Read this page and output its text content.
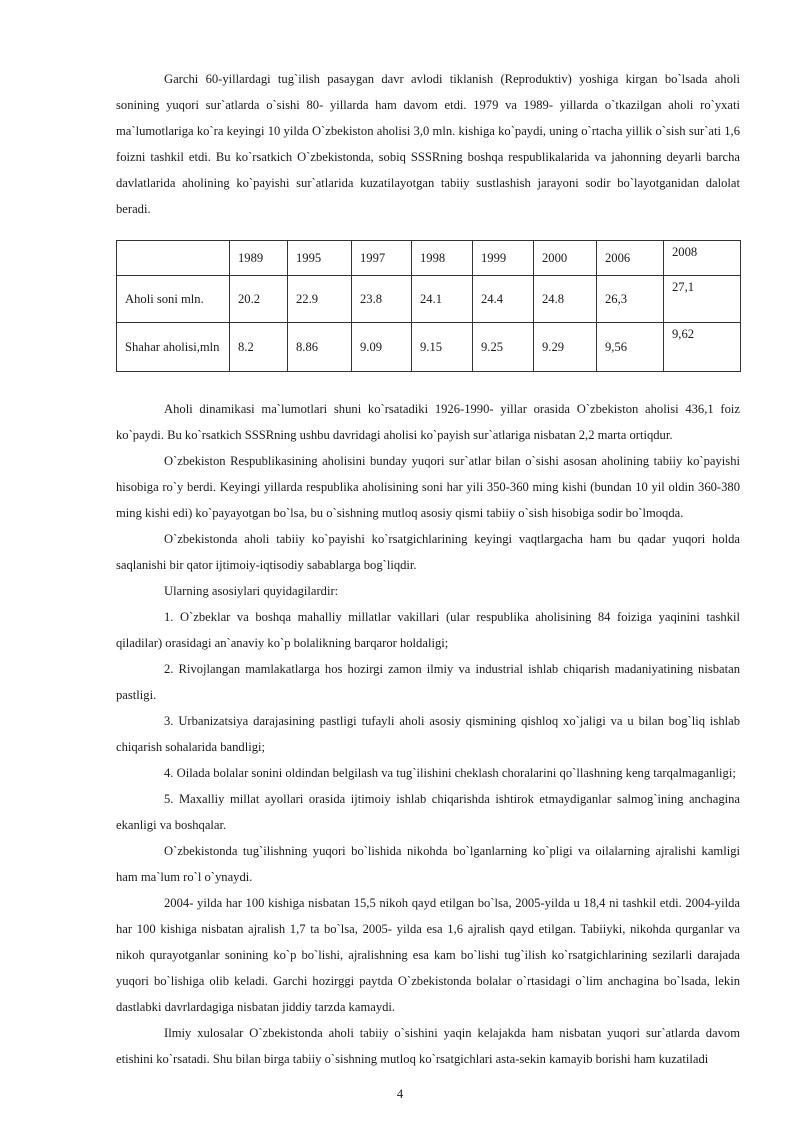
Garchi 60-yillardagi tug`ilish pasaygan davr avlodi tiklanish (Reproduktiv) yoshiga kirgan bo`lsada aholi sonining yuqori sur`atlarda o`sishi 80- yillarda ham davom etdi. 1979 va 1989- yillarda o`tkazilgan aholi ro`yxati ma`lumotlariga ko`ra keyingi 10 yilda O`zbekiston aholisi 3,0 mln. kishiga ko`paydi, uning o`rtacha yillik o`sish sur`ati 1,6 foizni tashkil etdi. Bu ko`rsatkich O`zbekistonda, sobiq SSSRning boshqa respublikalarida va jahonning deyarli barcha davlatlarida aholining ko`payishi sur`atlarida kuzatilayotgan tabiiy sustlashish jarayoni sodir bo`layotganidan dalolat beradi.

	1989	1995	1997	1998	1999	2000	2006	2008
Aholi soni mln.	20.2	22.9	23.8	24.1	24.4	24.8	26,3	27,1
Shahar aholisi,mln	8.2	8.86	9.09	9.15	9.25	9.29	9,56	9,62

Aholi dinamikasi ma`lumotlari shuni ko`rsatadiki 1926-1990- yillar orasida O`zbekiston aholisi 436,1 foiz ko`paydi. Bu ko`rsatkich SSSRning ushbu davridagi aholisi ko`payish sur`atlariga nisbatan 2,2 marta ortiqdur.

O`zbekiston Respublikasining aholisini bunday yuqori sur`atlar bilan o`sishi asosan aholining tabiiy ko`payishi hisobiga ro`y berdi. Keyingi yillarda respublika aholisining soni har yili 350-360 ming kishi (bundan 10 yil oldin 360-380 ming kishi edi) ko`payayotgan bo`lsa, bu o`sishning mutloq asosiy qismi tabiiy o`sish hisobiga sodir bo`lmoqda.

O`zbekistonda aholi tabiiy ko`payishi ko`rsatgichlarining keyingi vaqtlargacha ham bu qadar yuqori holda saqlanishi bir qator ijtimoiy-iqtisodiy sabablarga bog`liqdir.

Ularning asosiylari quyidagilardir:

1. O`zbeklar va boshqa mahalliy millatlar vakillari (ular respublika aholisining 84 foiziga yaqinini tashkil qiladilar) orasidagi an`anaviy ko`p bolalikning barqaror holdaligi;

2. Rivojlangan mamlakatlarga hos hozirgi zamon ilmiy va industrial ishlab chiqarish madaniyatining nisbatan pastligi.

3. Urbanizatsiya darajasining pastligi tufayli aholi asosiy qismining qishloq xo`jaligi va u bilan bog`liq ishlab chiqarish sohalarida bandligi;

4. Oilada bolalar sonini oldindan belgilash va tug`ilishini cheklash choralarini qo`llashning keng tarqalmaganligi;

5. Maxalliy millat ayollari orasida ijtimoiy ishlab chiqarishda ishtirok etmaydiganlar salmog`ining anchagina ekanligi va boshqalar.

O`zbekistonda tug`ilishning yuqori bo`lishida nikohda bo`lganlarning ko`pligi va oilalarning ajralishi kamligi ham ma`lum ro`l o`ynaydi.

2004- yilda har 100 kishiga nisbatan 15,5 nikoh qayd etilgan bo`lsa, 2005-yilda u 18,4 ni tashkil etdi. 2004-yilda har 100 kishiga nisbatan ajralish 1,7 ta bo`lsa, 2005- yilda esa 1,6 ajralish qayd etilgan. Tabiiyki, nikohda qurganlar va nikoh qurayotganlar sonining ko`p bo`lishi, ajralishning esa kam bo`lishi tug`ilish ko`rsatgichlarining sezilarli darajada yuqori bo`lishiga olib keladi. Garchi hozirggi paytda O`zbekistonda bolalar o`rtasidagi o`lim anchagina bo`lsada, lekin dastlabki davrlardagiga nisbatan jiddiy tarzda kamaydi.

Ilmiy xulosalar O`zbekistonda aholi tabiiy o`sishini yaqin kelajakda ham nisbatan yuqori sur`atlarda davom etishini ko`rsatadi. Shu bilan birga tabiiy o`sishning mutloq ko`rsatgichlari asta-sekin kamayib borishi ham kuzatiladi

4
